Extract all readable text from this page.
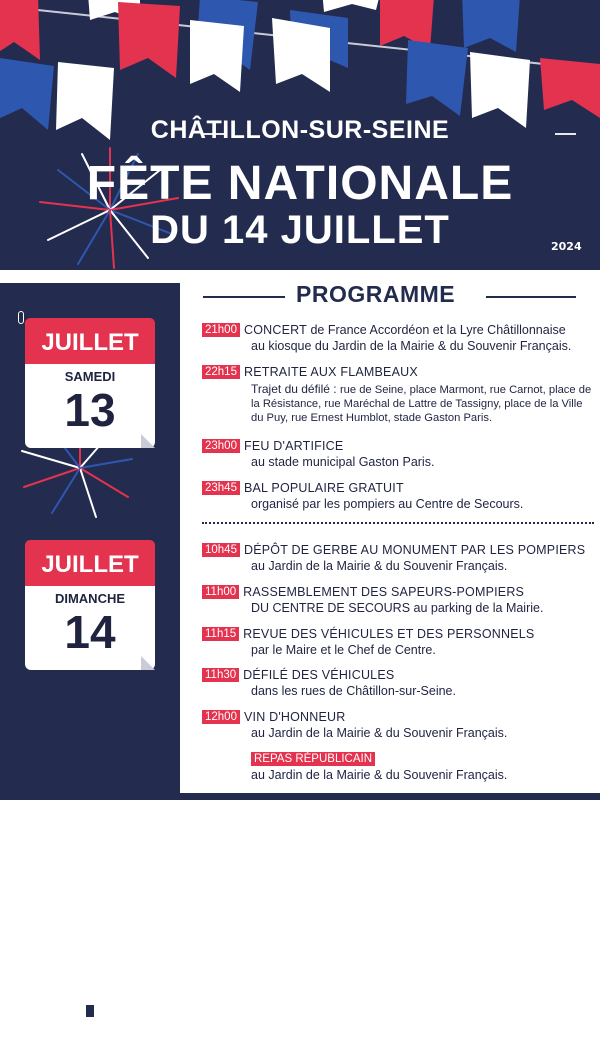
CHÂTILLON-SUR-SEINE
FÊTE NATIONALE
DU 14 JUILLET	2024
Ville de
Châtillon
sur-Seine
JUILLET
SAMEDI
13
JUILLET
DIMANCHE
14
PROGRAMME
21h00 CONCERT de France Accordéon et la Lyre Châtillonnaise
au kiosque du Jardin de la Mairie & du Souvenir Français.
22h15 RETRAITE AUX FLAMBEAUX
Trajet du défilé : rue de Seine, place Marmont, rue Carnot, place de la Résistance, rue Maréchal de Lattre de Tassigny, place de la Ville du Puy, rue Ernest Humblot, stade Gaston Paris.
23h00 FEU D'ARTIFICE
au stade municipal Gaston Paris.
23h45 BAL POPULAIRE GRATUIT
organisé par les pompiers au Centre de Secours.
10h45 DÉPÔT DE GERBE AU MONUMENT PAR LES POMPIERS
au Jardin de la Mairie & du Souvenir Français.
11h00 RASSEMBLEMENT DES SAPEURS-POMPIERS
DU CENTRE DE SECOURS au parking de la Mairie.
11h15 REVUE DES VÉHICULES ET DES PERSONNELS
par le Maire et le Chef de Centre.
11h30 DÉFILÉ DES VÉHICULES
dans les rues de Châtillon-sur-Seine.
12h00 VIN D'HONNEUR
au Jardin de la Mairie & du Souvenir Français.
REPAS RÉPUBLICAIN
au Jardin de la Mairie & du Souvenir Français.
